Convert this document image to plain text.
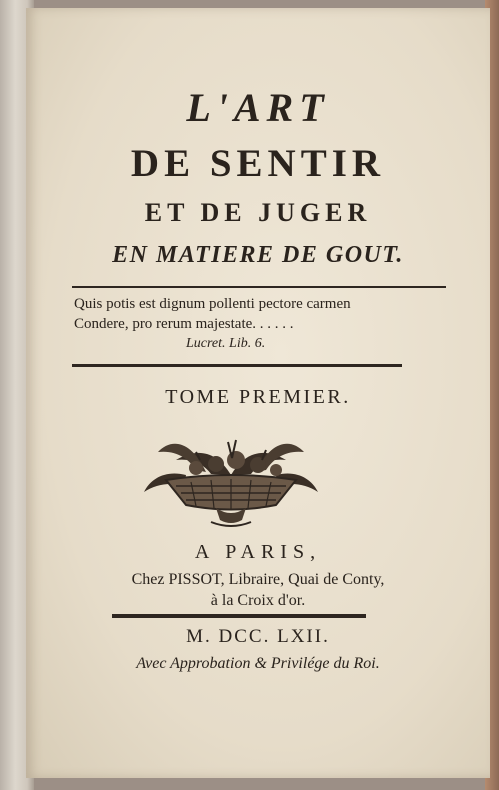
L'ART
DE SENTIR
ET DE JUGER
EN MATIERE DE GOUT.
Quis potis est dignum pollenti pectore carmen
Condere, pro rerum majestate. . . . . .
Lucret. Lib. 6.
TOME PREMIER.
A PARIS,
Chez PISSOT, Libraire, Quai de Conty,
à la Croix d'or.
M. DCC. LXII.
Avec Approbation & Privilége du Roi.
